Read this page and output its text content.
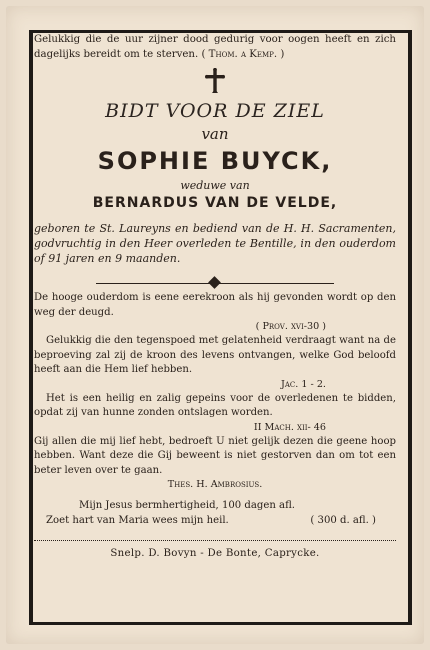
Gelukkig die de uur zijner dood gedurig voor oogen heeft en zich dagelijks bereidt om te sterven. ( Thom. a Kemp. )

BIDT VOOR DE ZIEL
van
SOPHIE BUYCK,
weduwe van
BERNARDUS VAN DE VELDE,

geboren te St. Laureyns en bediend van de H. H. Sacramenten, godvruchtig in den Heer overleden te Bentille, in den ouderdom of 91 jaren en 9 maanden.

De hooge ouderdom is eene eerekroon als hij gevonden wordt op den weg der deugd.

( Prov. xvi-30 )

Gelukkig die den tegenspoed met gelatenheid verdraagt want na de beproeving zal zij de kroon des levens ontvangen, welke God beloofd heeft aan die Hem lief hebben.

Jac. 1 - 2.

Het is een heilig en zalig gepeins voor de overledenen te bidden, opdat zij van hunne zonden ontslagen worden.

II Mach. xii- 46

Gij allen die mij lief hebt, bedroeft U niet gelijk dezen die geene hoop hebben. Want deze die Gij beweent is niet gestorven dan om tot een beter leven over te gaan.

Thes. H. Ambrosius.
Mijn Jesus bermhertigheid, 100 dagen afl.
Zoet hart van Maria wees mijn heil.	( 300 d. afl. )
Snelp. D. Bovyn - De Bonte, Caprycke.
